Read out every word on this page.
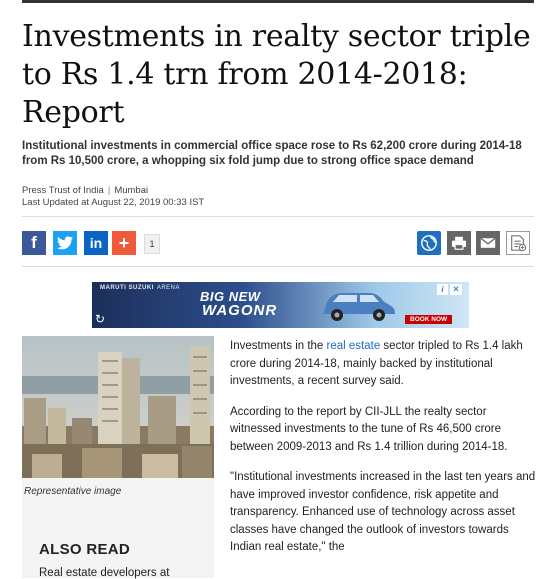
Investments in realty sector triple to Rs 1.4 trn from 2014-2018: Report
Institutional investments in commercial office space rose to Rs 62,200 crore during 2014-18 from Rs 10,500 crore, a whopping six fold jump due to strong office space demand
Press Trust of India | Mumbai
Last Updated at August 22, 2019 00:33 IST
f	in +	1
MARUTI SUZUKI ARENA
↻
BIG NEW
WAGONR
BOOK NOW
i ✕
Representative image
ALSO READ
Real estate developers at

Investments in the real estate sector tripled to Rs 1.4 lakh crore during 2014-18, mainly backed by institutional investments, a recent survey said.

According to the report by CII-JLL the realty sector witnessed investments to the tune of Rs 46,500 crore between 2009-2013 and Rs 1.4 trillion during 2014-18.

"Institutional investments increased in the last ten years and have improved investor confidence, risk appetite and transparency. Enhanced use of technology across asset classes have changed the outlook of investors towards Indian real estate," the
